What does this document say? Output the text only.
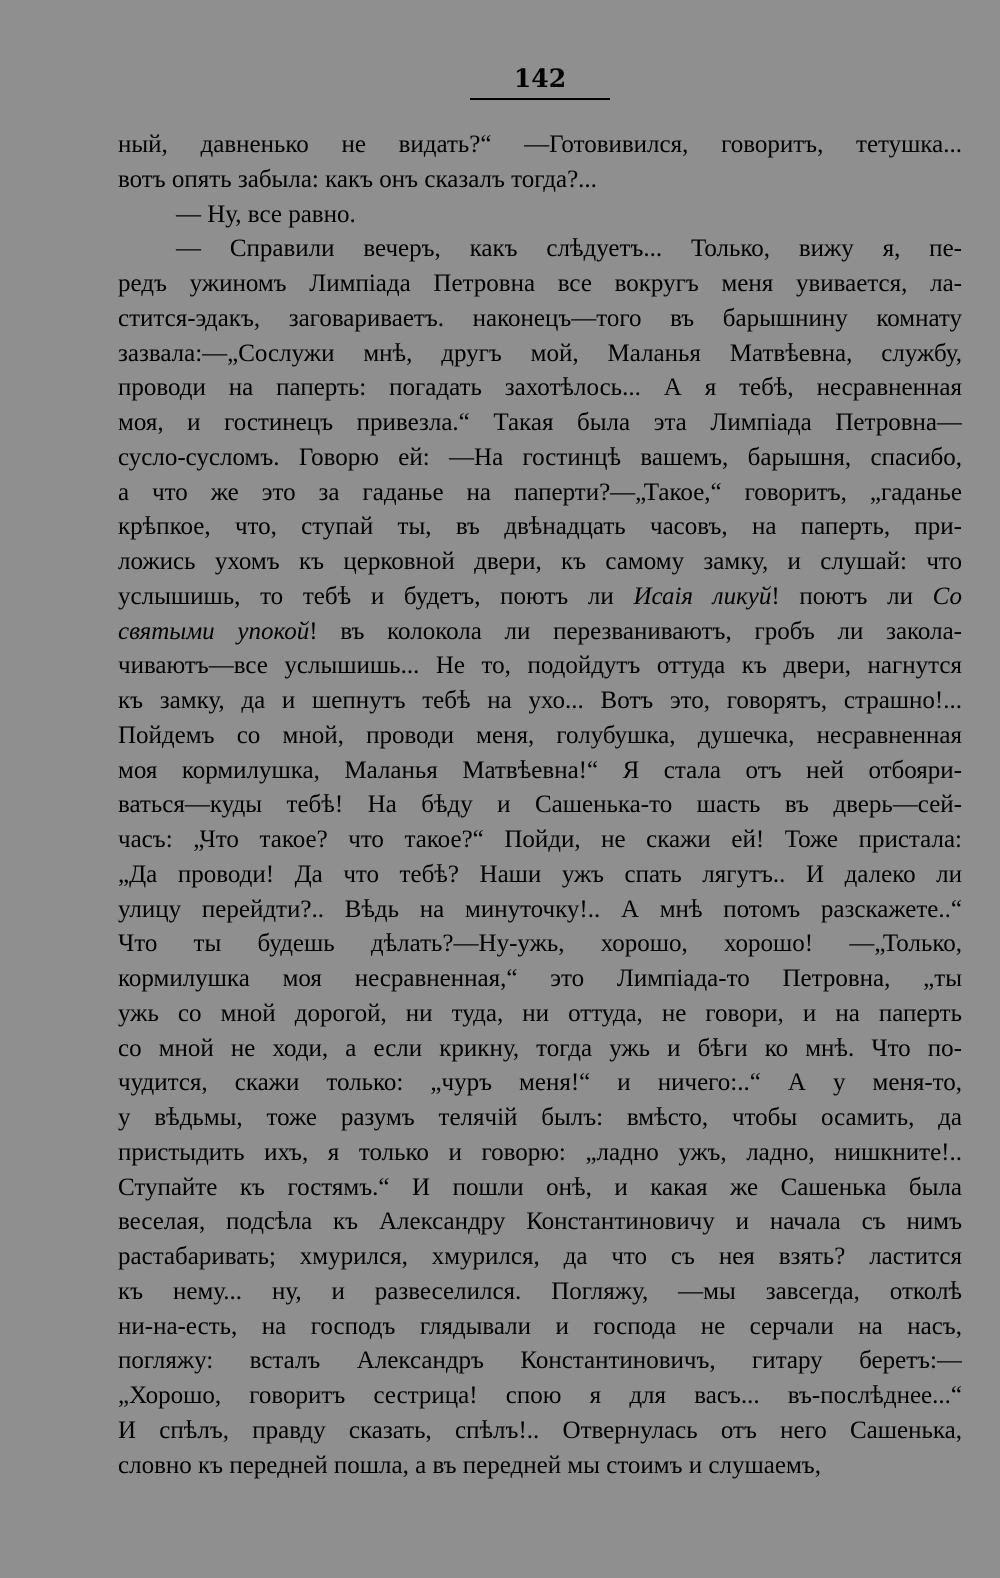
142
ный, давненько не видать?“ —Готовивился, говоритъ, тетушка...
вотъ опять забыла: какъ онъ сказалъ тогда?...
— Ну, все равно.
— Справили вечеръ, какъ слѣдуетъ... Только, вижу я, пе-
редъ ужиномъ Лимпіада Петровна все вокругъ меня увивается, ла-
стится-эдакъ, заговариваетъ. наконецъ—того въ барышнину комнату
зазвала:—„Сослужи мнѣ, другъ мой, Маланья Матвѣевна, службу,
проводи на паперть: погадать захотѣлось... А я тебѣ, несравненная
моя, и гостинецъ привезла.“ Такая была эта Лимпіада Петровна—
сусло-сусломъ. Говорю ей: —На гостинцѣ вашемъ, барышня, спасибо,
а что же это за гаданье на паперти?—„Такое,“ говоритъ, „гаданье
крѣпкое, что, ступай ты, въ двѣнадцать часовъ, на паперть, при-
ложись ухомъ къ церковной двери, къ самому замку, и слушай: что
услышишь, то тебѣ и будетъ, поютъ ли Исаія ликуй! поютъ ли Со
святыми упокой! въ колокола ли перезваниваютъ, гробъ ли закола-
чиваютъ—все услышишь... Не то, подойдутъ оттуда къ двери, нагнутся
къ замку, да и шепнутъ тебѣ на ухо... Вотъ это, говорятъ, страшно!...
Пойдемъ со мной, проводи меня, голубушка, душечка, несравненная
моя кормилушка, Маланья Матвѣевна!“ Я стала отъ ней отбояри-
ваться—куды тебѣ! На бѣду и Сашенька-то шасть въ дверь—сей-
часъ: „Что такое? что такое?“ Пойди, не скажи ей! Тоже пристала:
„Да проводи! Да что тебѣ? Наши ужъ спать лягутъ.. И далеко ли
улицу перейдти?.. Вѣдь на минуточку!.. А мнѣ потомъ разскажете..“
Что ты будешь дѣлать?—Ну-ужь, хорошо, хорошо! —„Только,
кормилушка моя несравненная,“ это Лимпіада-то Петровна, „ты
ужь со мной дорогой, ни туда, ни оттуда, не говори, и на паперть
со мной не ходи, а если крикну, тогда ужь и бѣги ко мнѣ. Что по-
чудится, скажи только: „чуръ меня!“ и ничего:..“ А у меня-то,
у вѣдьмы, тоже разумъ телячій былъ: вмѣсто, чтобы осамить, да
пристыдить ихъ, я только и говорю: „ладно ужъ, ладно, нишкните!..
Ступайте къ гостямъ.“ И пошли онѣ, и какая же Сашенька была
веселая, подсѣла къ Александру Константиновичу и начала съ нимъ
растабаривать; хмурился, хмурился, да что съ нея взять? ластится
къ нему... ну, и развеселился. Погляжу, —мы завсегда, отколѣ
ни-на-есть, на господъ глядывали и господа не серчали на насъ,
погляжу: всталъ Александръ Константиновичъ, гитару беретъ:—
„Хорошо, говоритъ сестрица! спою я для васъ... въ-послѣднее...“
И спѣлъ, правду сказать, спѣлъ!.. Отвернулась отъ него Сашенька,
словно къ передней пошла, а въ передней мы стоимъ и слушаемъ,
